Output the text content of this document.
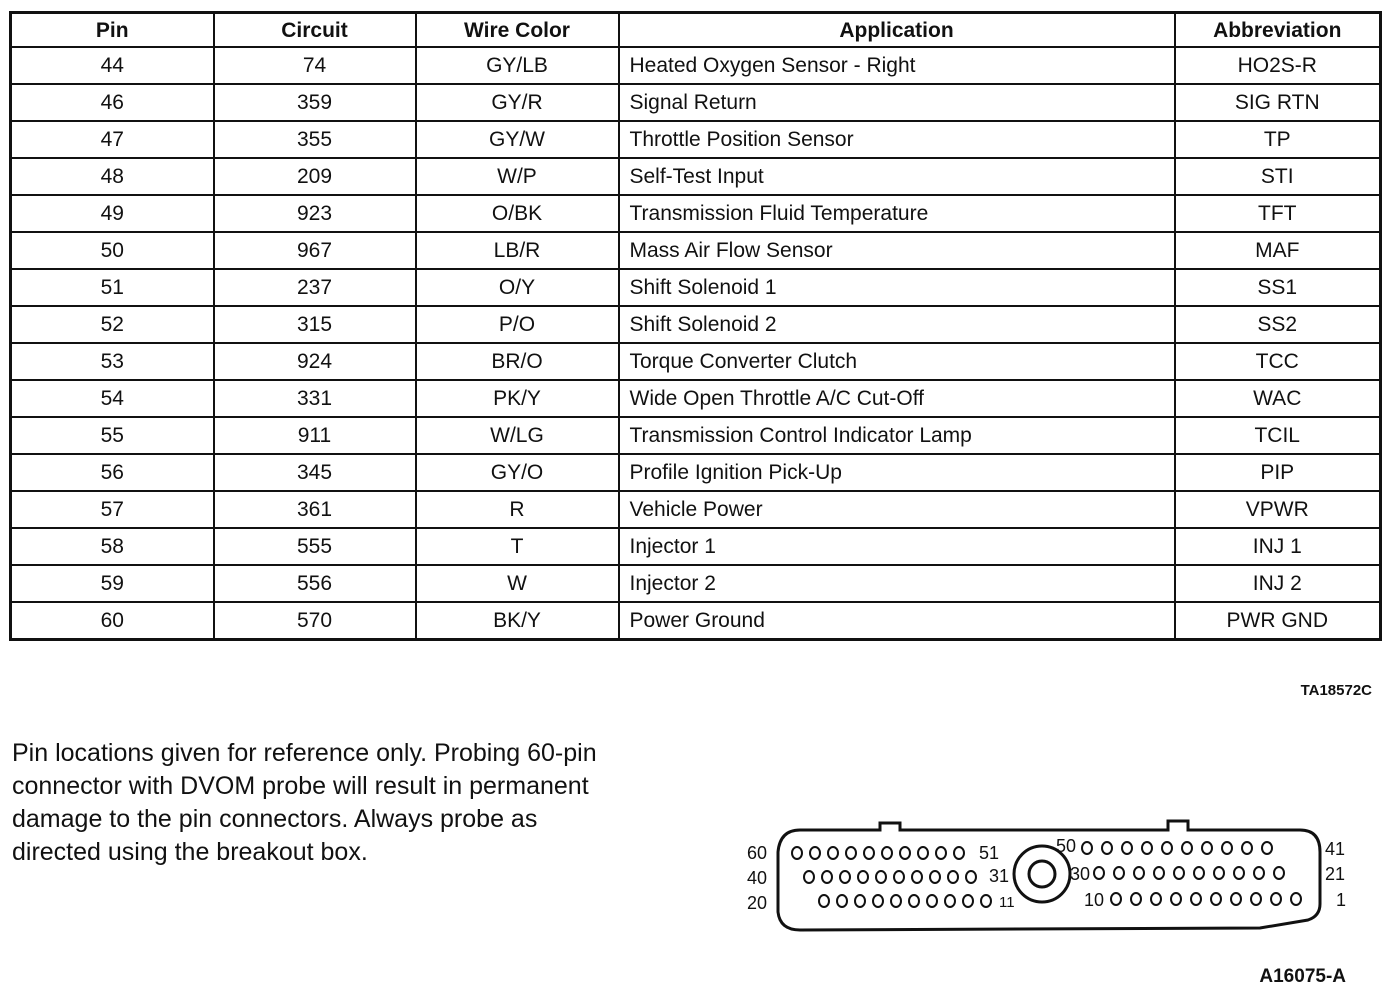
Pin	Circuit	Wire Color	Application	Abbreviation
44	74	GY/LB	Heated Oxygen Sensor - Right	HO2S-R
46	359	GY/R	Signal Return	SIG RTN
47	355	GY/W	Throttle Position Sensor	TP
48	209	W/P	Self-Test Input	STI
49	923	O/BK	Transmission Fluid Temperature	TFT
50	967	LB/R	Mass Air Flow Sensor	MAF
51	237	O/Y	Shift Solenoid 1	SS1
52	315	P/O	Shift Solenoid 2	SS2
53	924	BR/O	Torque Converter Clutch	TCC
54	331	PK/Y	Wide Open Throttle A/C Cut-Off	WAC
55	911	W/LG	Transmission Control Indicator Lamp	TCIL
56	345	GY/O	Profile Ignition Pick-Up	PIP
57	361	R	Vehicle Power	VPWR
58	555	T	Injector 1	INJ 1
59	556	W	Injector 2	INJ 2
60	570	BK/Y	Power Ground	PWR GND
TA18572C
Pin locations given for reference only. Probing 60-pin
connector with DVOM probe will result in permanent
damage to the pin connectors. Always probe as
directed using the breakout box.	60
40
20
51
31
11
50
30
10
41
21
1
A16075-A
